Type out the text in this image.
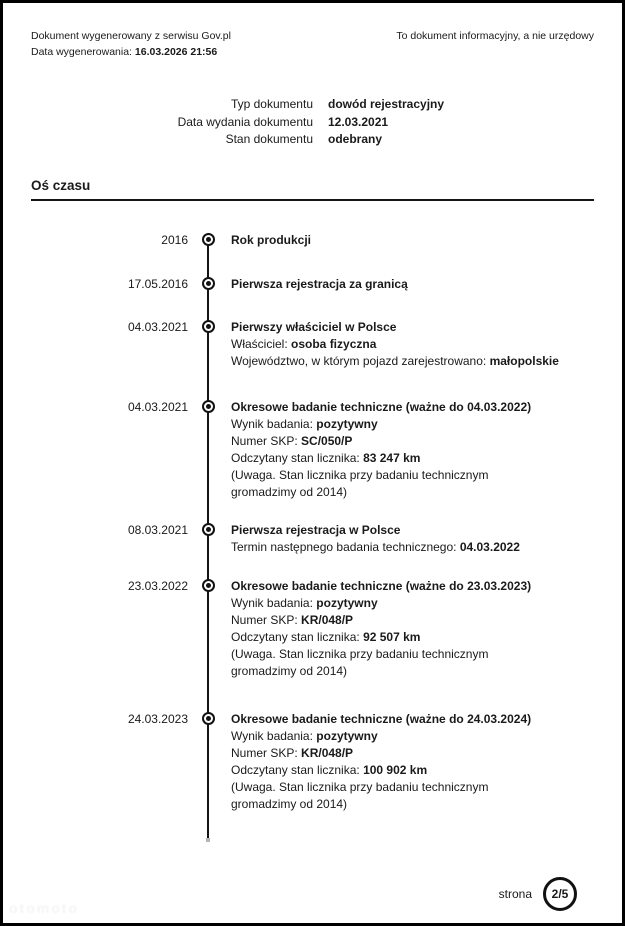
Dokument wygenerowany z serwisu Gov.pl
Data wygenerowania: 16.03.2026 21:56
To dokument informacyjny, a nie urzędowy
Typ dokumentu dowód rejestracyjny
Data wydania dokumentu 12.03.2021
Stan dokumentu odebrany
Oś czasu
2016	Rok produkcji
17.05.2016	Pierwsza rejestracja za granicą
04.03.2021	Pierwszy właściciel w Polsce
Właściciel: osoba fizyczna
Województwo, w którym pojazd zarejestrowano: małopolskie
04.03.2021	Okresowe badanie techniczne (ważne do 04.03.2022)
Wynik badania: pozytywny
Numer SKP: SC/050/P
Odczytany stan licznika: 83 247 km
(Uwaga. Stan licznika przy badaniu technicznym gromadzimy od 2014)
08.03.2021	Pierwsza rejestracja w Polsce
Termin następnego badania technicznego: 04.03.2022
23.03.2022	Okresowe badanie techniczne (ważne do 23.03.2023)
Wynik badania: pozytywny
Numer SKP: KR/048/P
Odczytany stan licznika: 92 507 km
(Uwaga. Stan licznika przy badaniu technicznym gromadzimy od 2014)
24.03.2023	Okresowe badanie techniczne (ważne do 24.03.2024)
Wynik badania: pozytywny
Numer SKP: KR/048/P
Odczytany stan licznika: 100 902 km
(Uwaga. Stan licznika przy badaniu technicznym gromadzimy od 2014)
strona	2/5
